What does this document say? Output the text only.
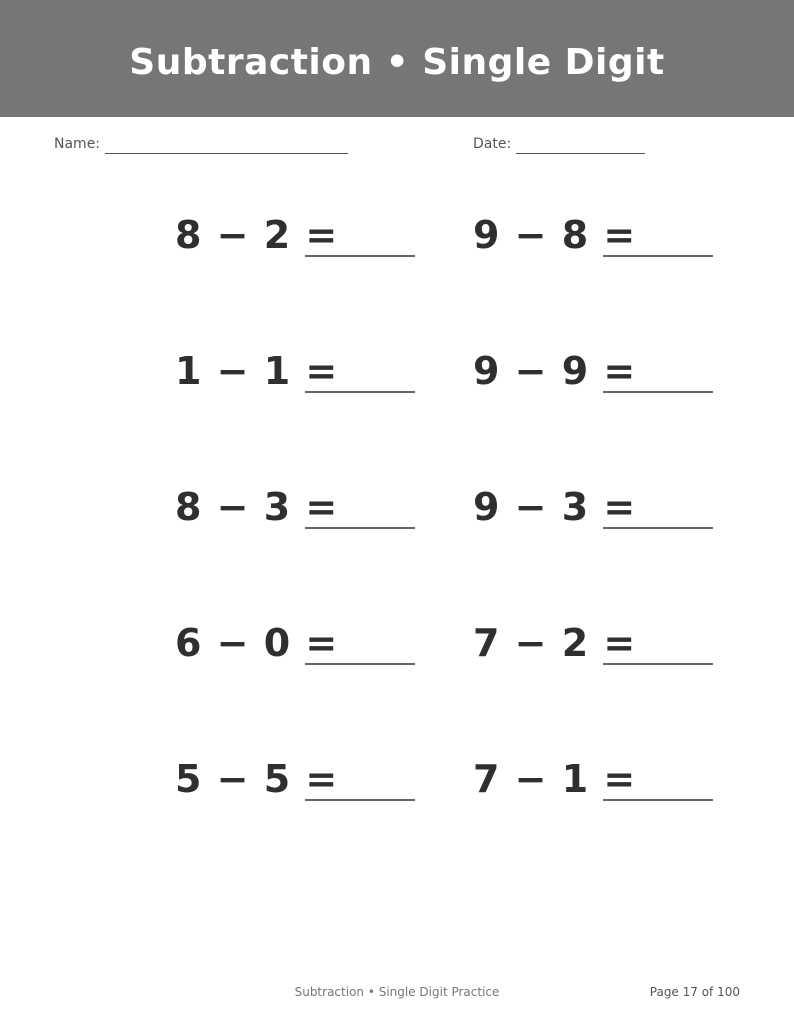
Subtraction • Single Digit
Name:	Date:
8 − 2 =
1 − 1 =
8 − 3 =
6 − 0 =
5 − 5 =
9 − 8 =
9 − 9 =
9 − 3 =
7 − 2 =
7 − 1 =
Subtraction • Single Digit Practice	Page 17 of 100
